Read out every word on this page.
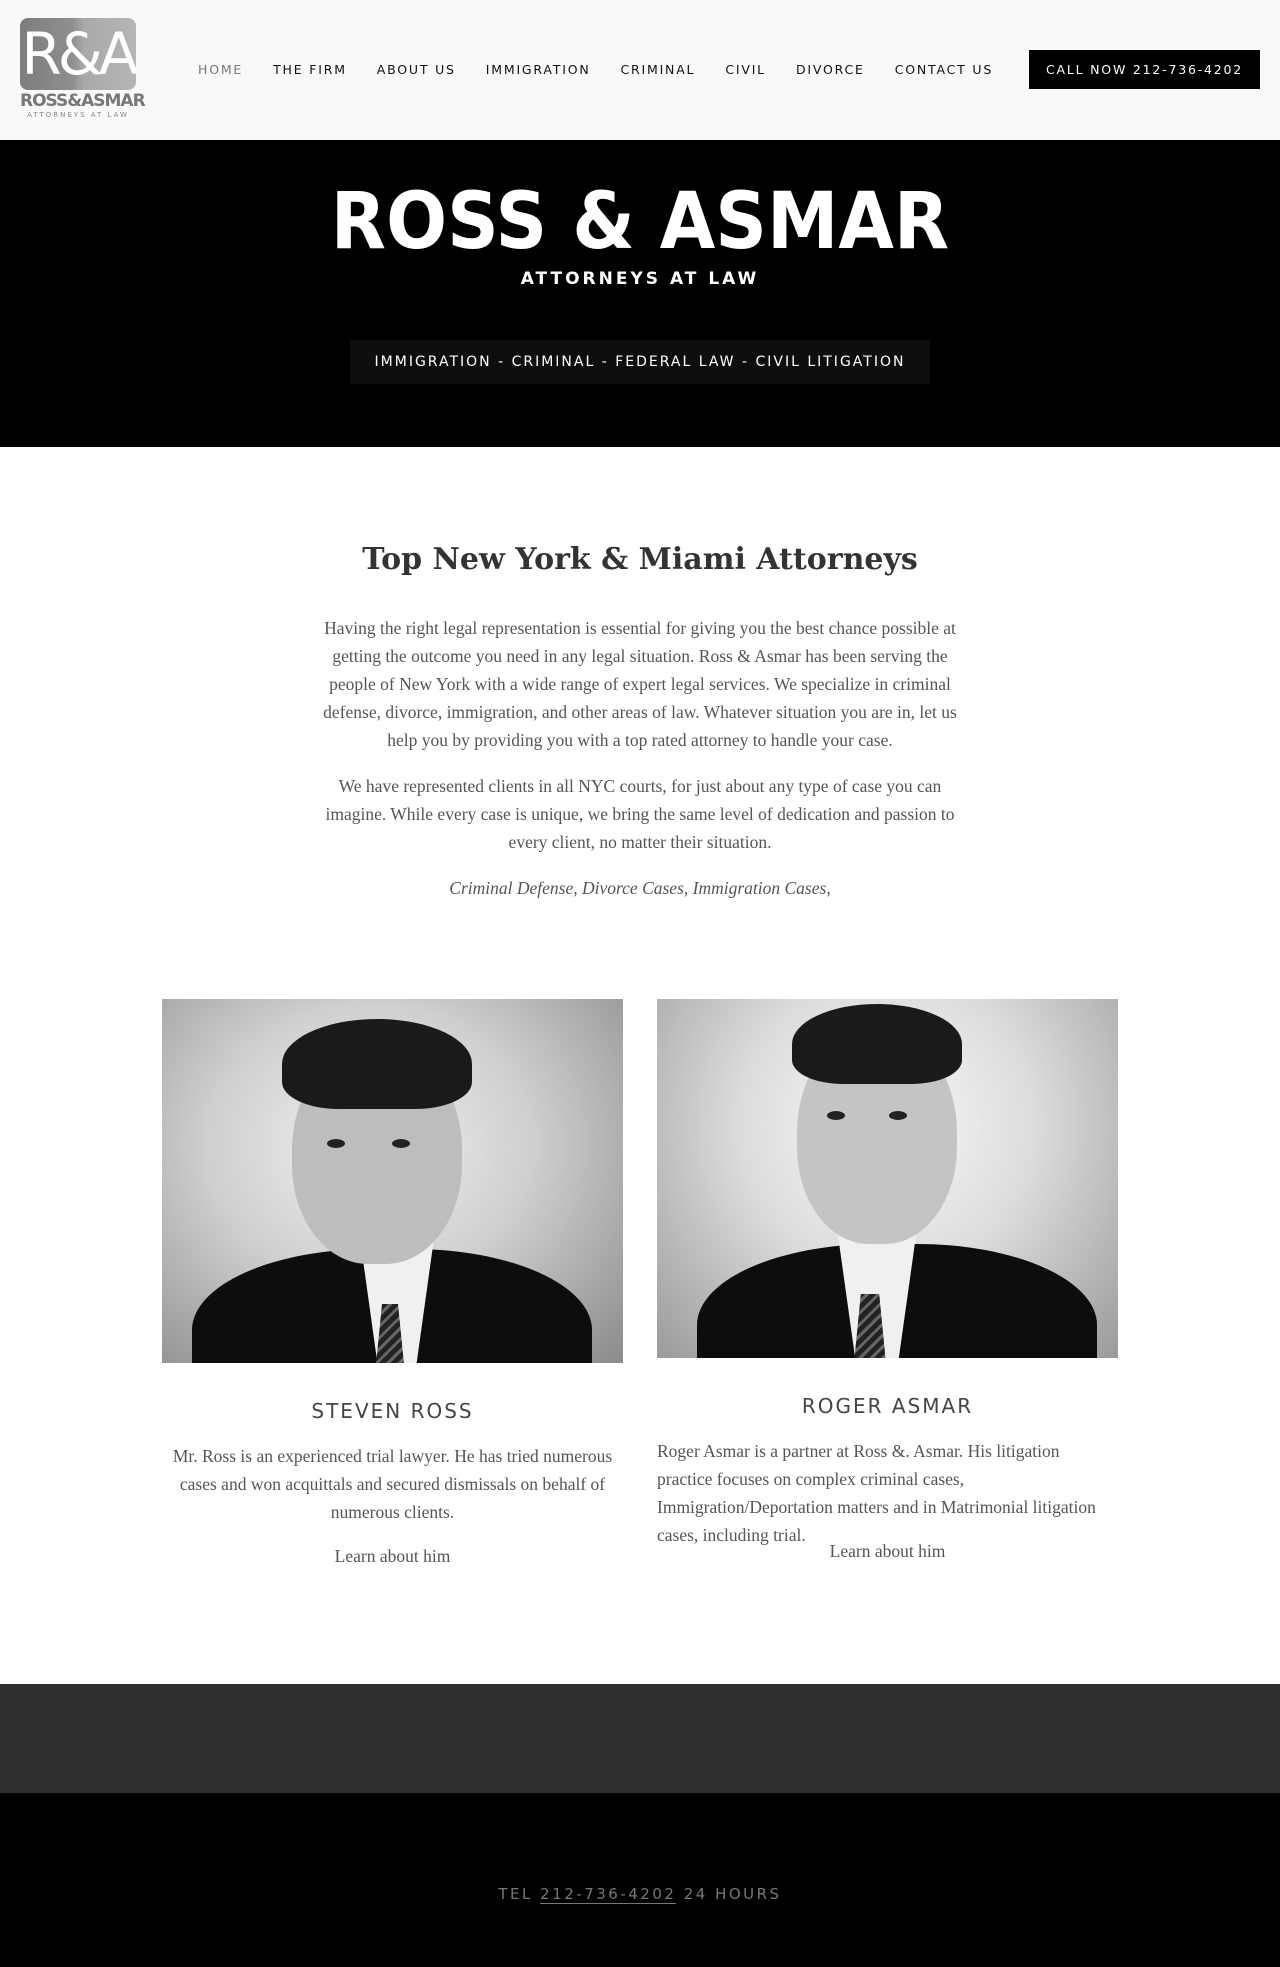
R&A
ROSS&ASMAR
ATTORNEYS AT LAW
HOME	THE FIRM	ABOUT US	IMMIGRATION	CRIMINAL	CIVIL	DIVORCE	CONTACT US	CALL NOW 212-736-4202
ROSS & ASMAR
ATTORNEYS AT LAW
IMMIGRATION - CRIMINAL - FEDERAL LAW - CIVIL LITIGATION
Top New York & Miami Attorneys

Having the right legal representation is essential for giving you the best chance possible at getting the outcome you need in any legal situation. Ross & Asmar has been serving the people of New York with a wide range of expert legal services. We specialize in criminal defense, divorce, immigration, and other areas of law. Whatever situation you are in, let us help you by providing you with a top rated attorney to handle your case.

We have represented clients in all NYC courts, for just about any type of case you can imagine. While every case is unique, we bring the same level of dedication and passion to every client, no matter their situation.

Criminal Defense, Divorce Cases, Immigration Cases,

STEVEN ROSS

Mr. Ross is an experienced trial lawyer. He has tried numerous cases and won acquittals and secured dismissals on behalf of numerous clients.

Learn about him
ROGER ASMAR

Roger Asmar is a partner at Ross &. Asmar. His litigation practice focuses on complex criminal cases, Immigration/Deportation matters and in Matrimonial litigation cases, including trial.

Learn about him
TEL 212-736-4202 24 HOURS
